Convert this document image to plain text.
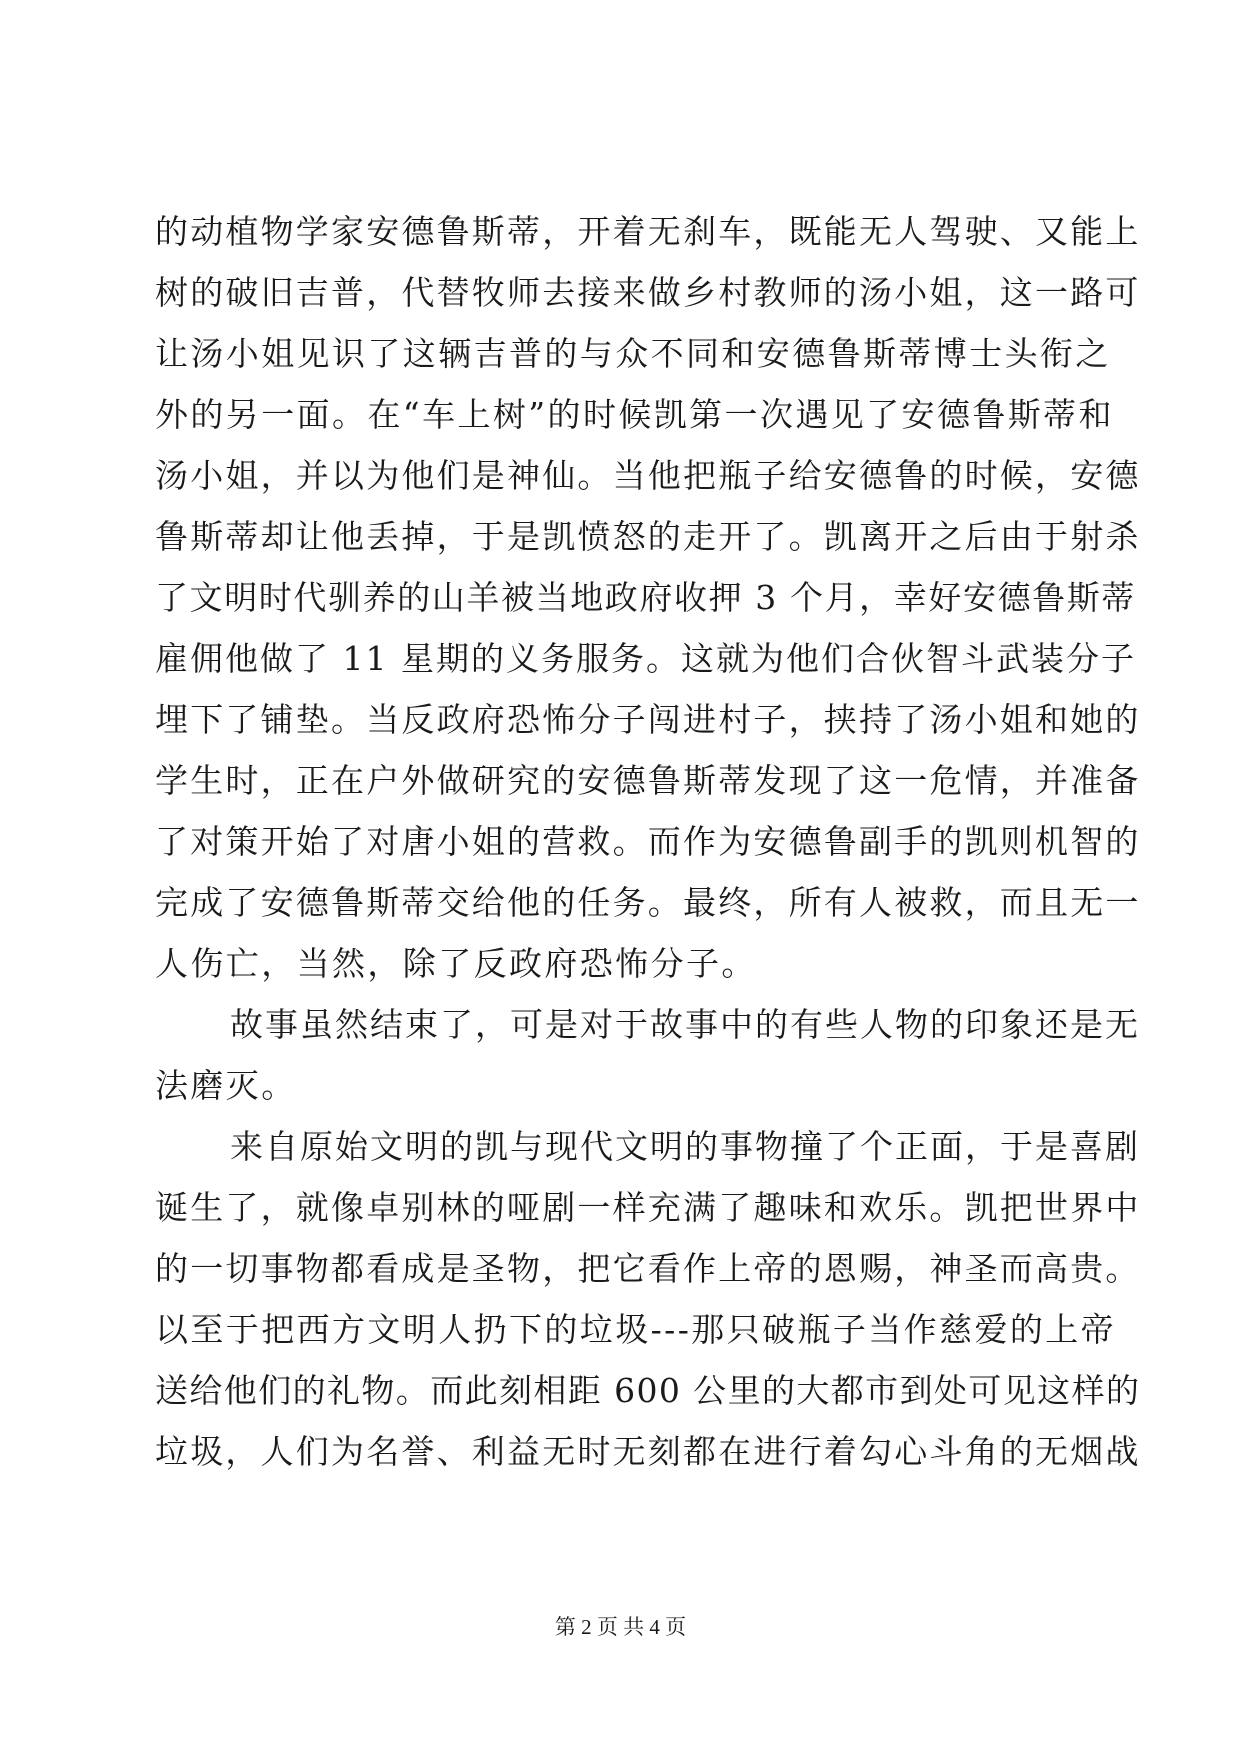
的动植物学家安德鲁斯蒂，开着无刹车，既能无人驾驶、又能上
树的破旧吉普，代替牧师去接来做乡村教师的汤小姐，这一路可
让汤小姐见识了这辆吉普的与众不同和安德鲁斯蒂博士头衔之
外的另一面。在“车上树”的时候凯第一次遇见了安德鲁斯蒂和
汤小姐，并以为他们是神仙。当他把瓶子给安德鲁的时候，安德
鲁斯蒂却让他丢掉，于是凯愤怒的走开了。凯离开之后由于射杀
了文明时代驯养的山羊被当地政府收押 3 个月，幸好安德鲁斯蒂
雇佣他做了 11 星期的义务服务。这就为他们合伙智斗武装分子
埋下了铺垫。当反政府恐怖分子闯进村子，挟持了汤小姐和她的
学生时，正在户外做研究的安德鲁斯蒂发现了这一危情，并准备
了对策开始了对唐小姐的营救。而作为安德鲁副手的凯则机智的
完成了安德鲁斯蒂交给他的任务。最终，所有人被救，而且无一
人伤亡，当然，除了反政府恐怖分子。
故事虽然结束了，可是对于故事中的有些人物的印象还是无
法磨灭。
来自原始文明的凯与现代文明的事物撞了个正面，于是喜剧
诞生了，就像卓别林的哑剧一样充满了趣味和欢乐。凯把世界中
的一切事物都看成是圣物，把它看作上帝的恩赐，神圣而高贵。
以至于把西方文明人扔下的垃圾---那只破瓶子当作慈爱的上帝
送给他们的礼物。而此刻相距 600 公里的大都市到处可见这样的
垃圾，人们为名誉、利益无时无刻都在进行着勾心斗角的无烟战
第 2 页 共 4 页
